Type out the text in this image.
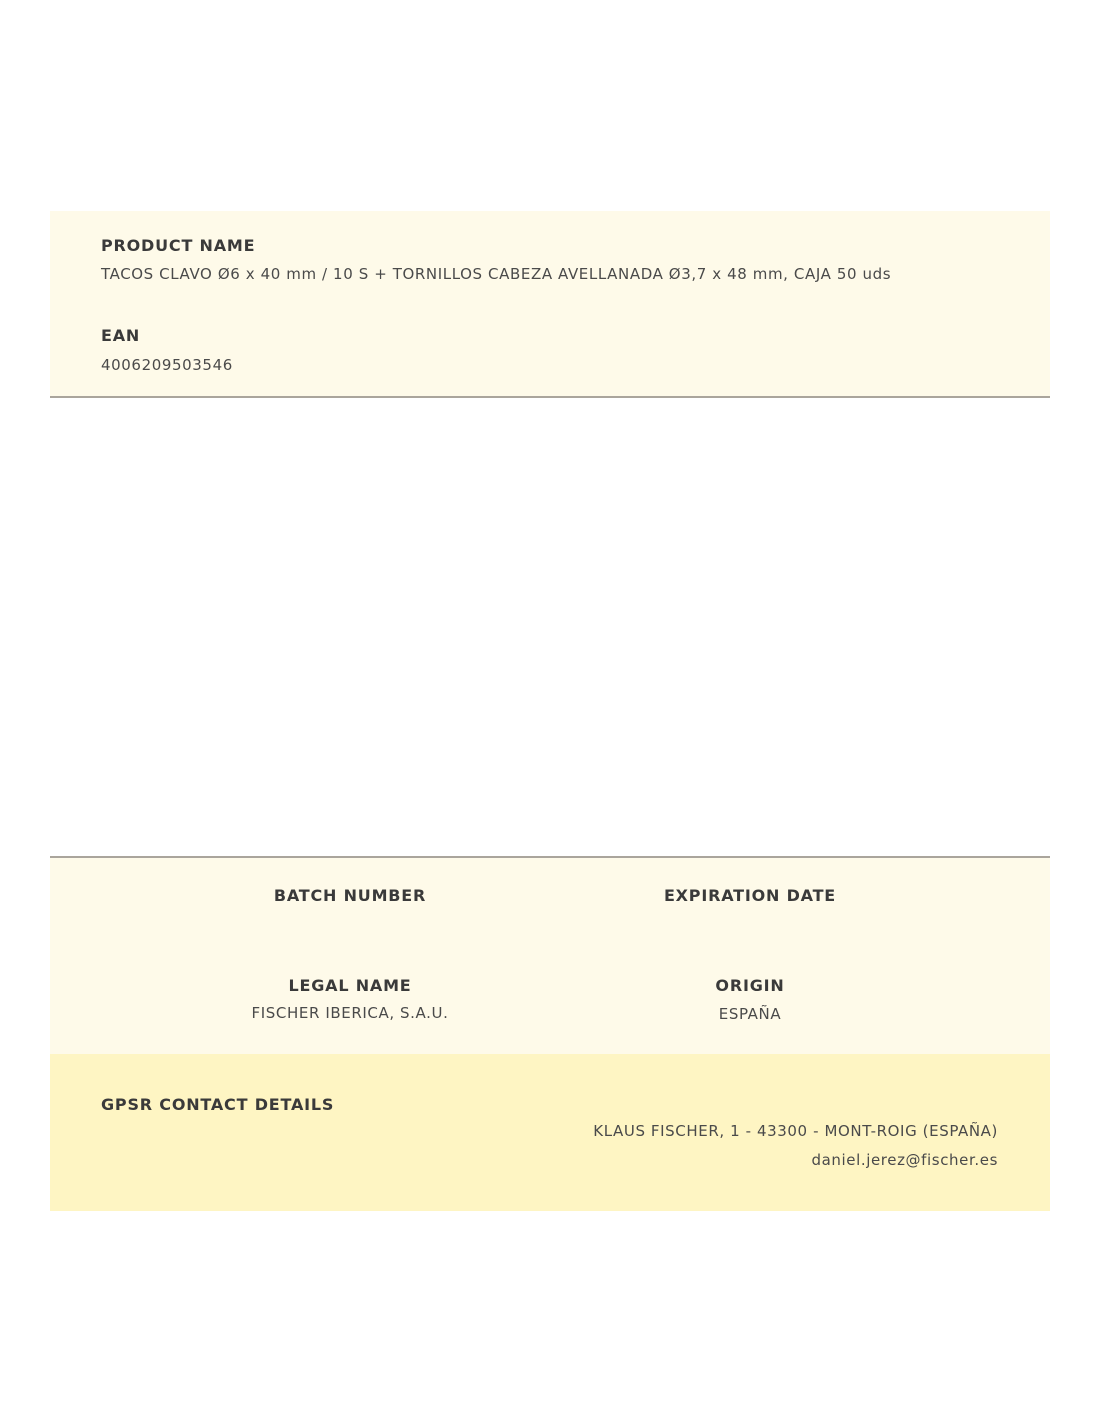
PRODUCT NAME
TACOS CLAVO Ø6 x 40 mm / 10 S + TORNILLOS CABEZA AVELLANADA Ø3,7 x 48 mm, CAJA 50 uds
EAN
4006209503546
BATCH NUMBER	EXPIRATION DATE
LEGAL NAME
FISCHER IBERICA, S.A.U.
ORIGIN
ESPAÑA
GPSR CONTACT DETAILS
KLAUS FISCHER, 1 - 43300 - MONT-ROIG (ESPAÑA)
daniel.jerez@fischer.es
